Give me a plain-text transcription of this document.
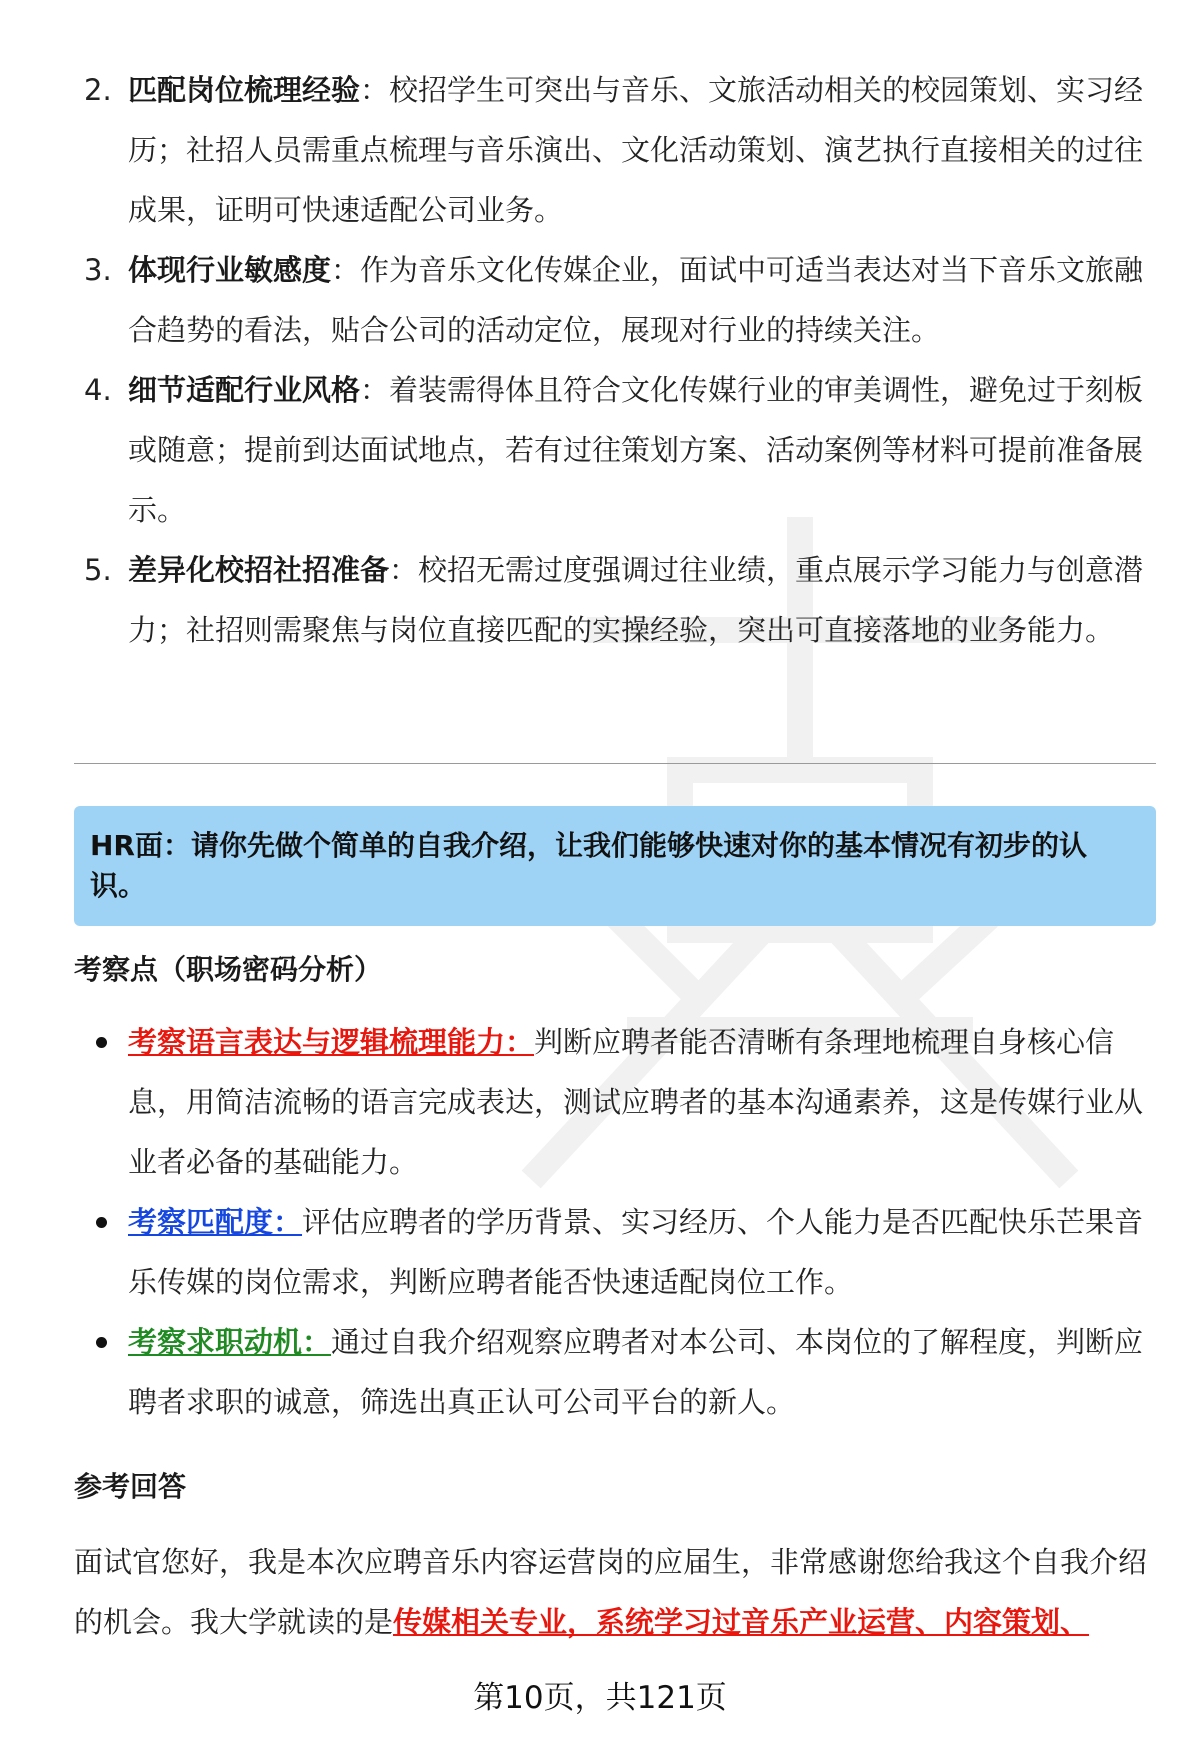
2. 匹配岗位梳理经验：校招学生可突出与音乐、文旅活动相关的校园策划、实习经历；社招人员需重点梳理与音乐演出、文化活动策划、演艺执行直接相关的过往成果，证明可快速适配公司业务。
3. 体现行业敏感度：作为音乐文化传媒企业，面试中可适当表达对当下音乐文旅融合趋势的看法，贴合公司的活动定位，展现对行业的持续关注。
4. 细节适配行业风格：着装需得体且符合文化传媒行业的审美调性，避免过于刻板或随意；提前到达面试地点，若有过往策划方案、活动案例等材料可提前准备展示。
5. 差异化校招社招准备：校招无需过度强调过往业绩，重点展示学习能力与创意潜力；社招则需聚焦与岗位直接匹配的实操经验，突出可直接落地的业务能力。
HR面：请你先做个简单的自我介绍，让我们能够快速对你的基本情况有初步的认识。
考察点（职场密码分析）
考察语言表达与逻辑梳理能力：判断应聘者能否清晰有条理地梳理自身核心信息，用简洁流畅的语言完成表达，测试应聘者的基本沟通素养，这是传媒行业从业者必备的基础能力。
考察匹配度：评估应聘者的学历背景、实习经历、个人能力是否匹配快乐芒果音乐传媒的岗位需求，判断应聘者能否快速适配岗位工作。
考察求职动机：通过自我介绍观察应聘者对本公司、本岗位的了解程度，判断应聘者求职的诚意，筛选出真正认可公司平台的新人。
参考回答
面试官您好，我是本次应聘音乐内容运营岗的应届生，非常感谢您给我这个自我介绍的机会。我大学就读的是传媒相关专业，系统学习过音乐产业运营、内容策划、
第10页，共121页
